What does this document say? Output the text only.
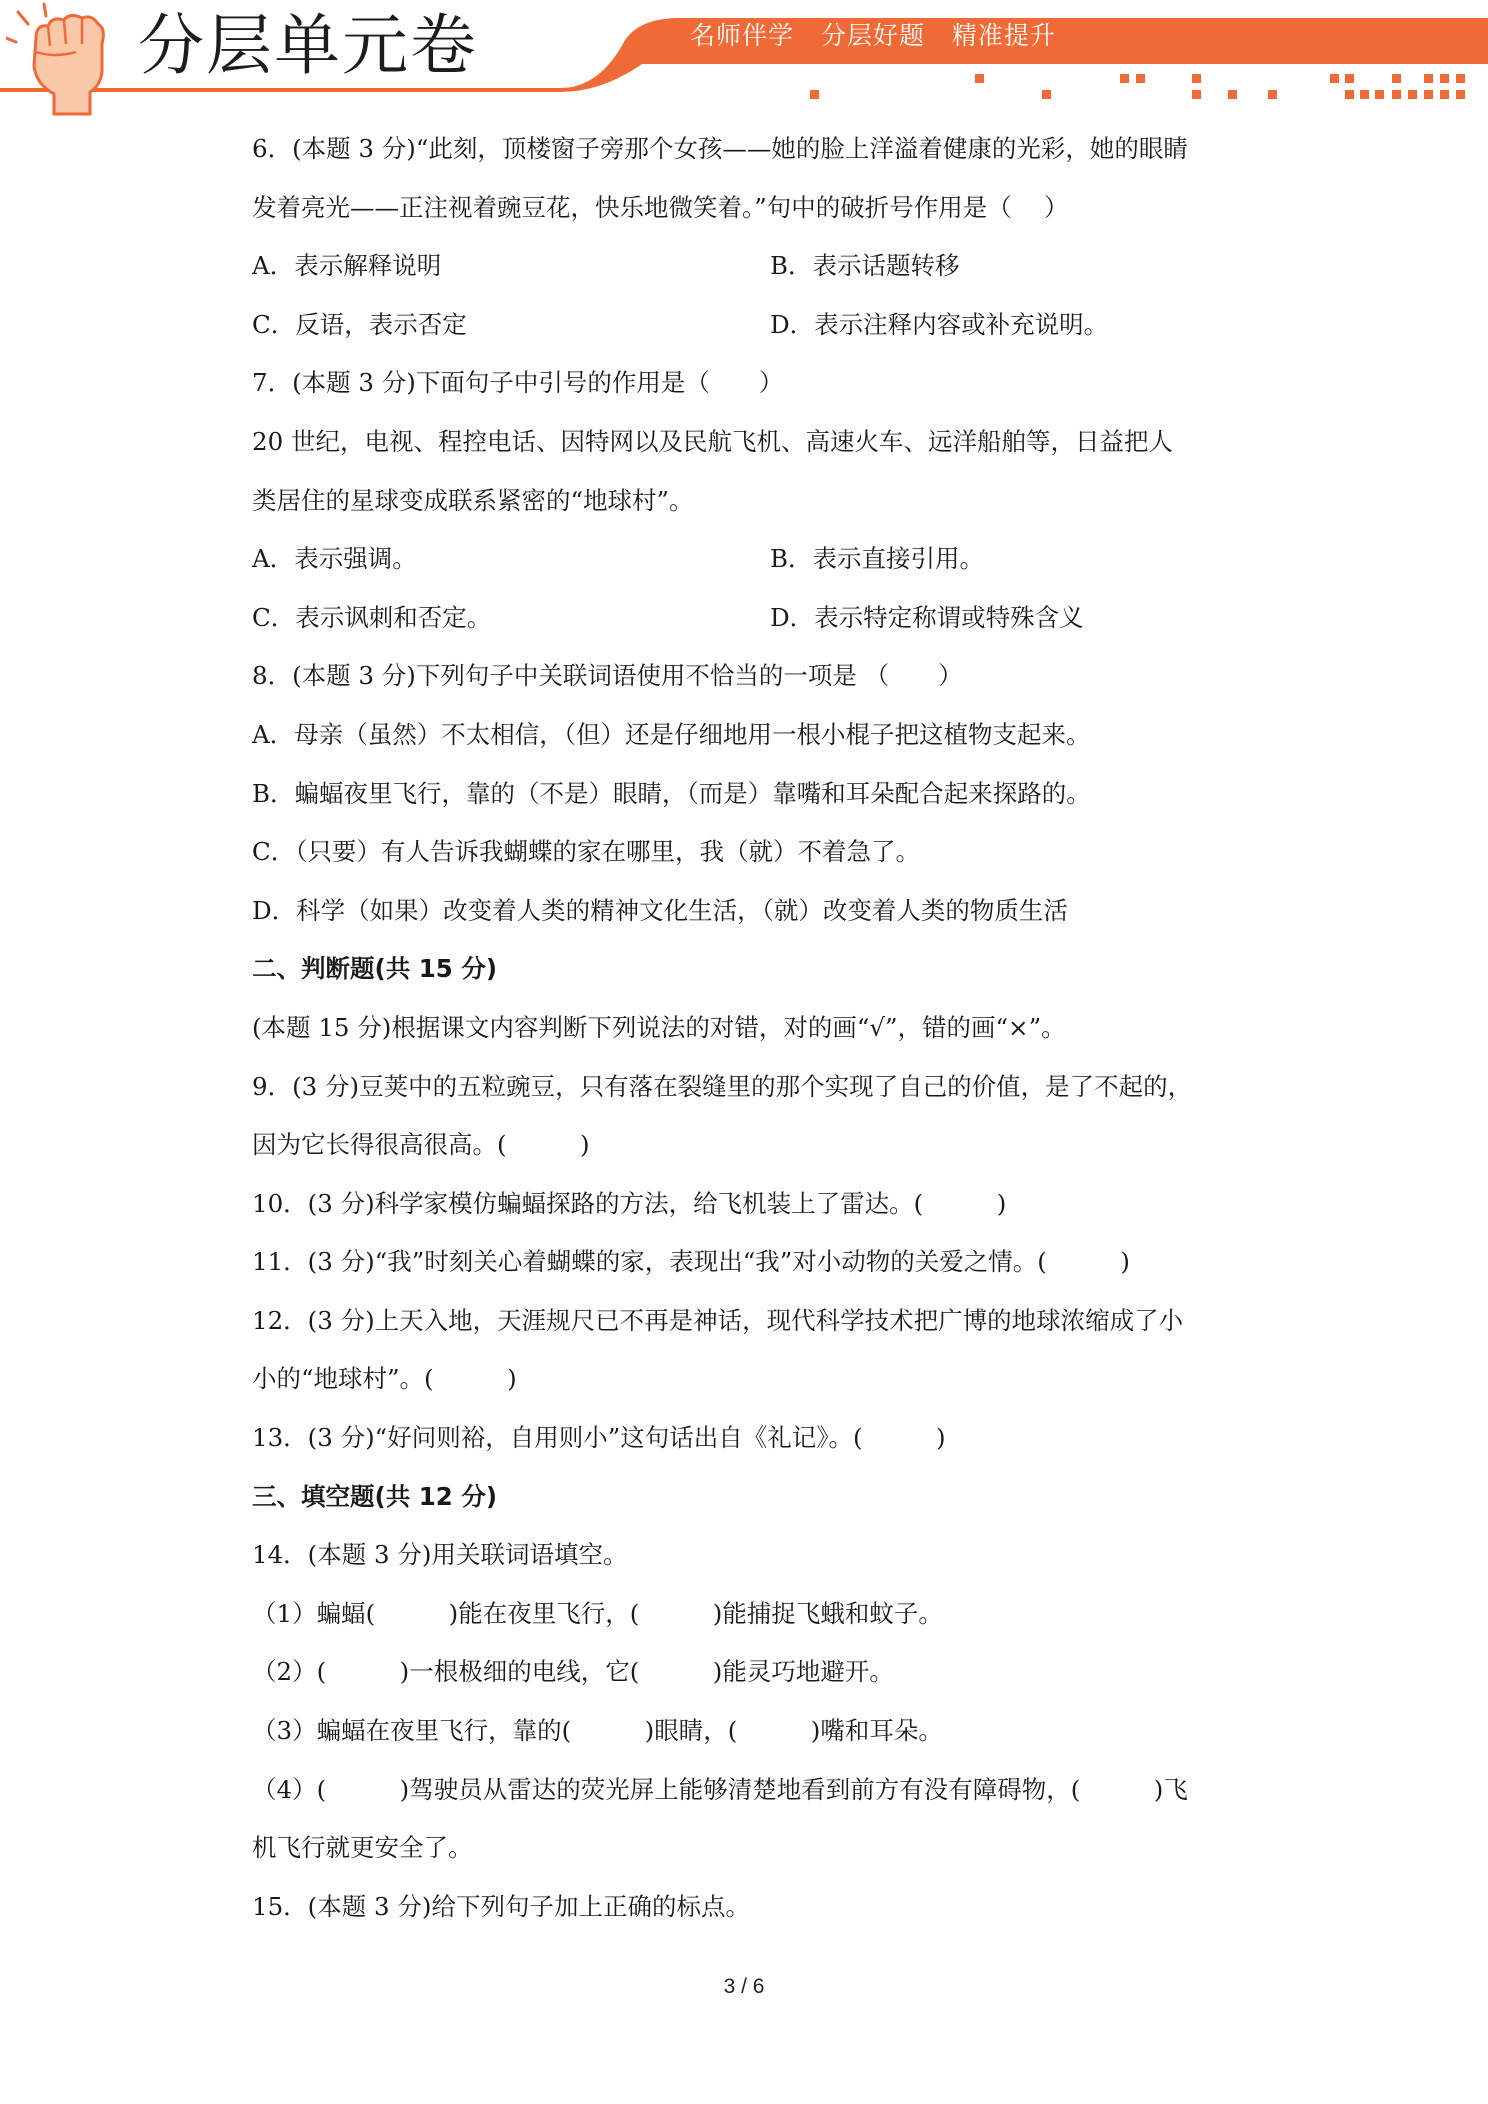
分层单元卷	名师伴学 分层好题 精准提升
6．(本题 3 分)“此刻，顶楼窗子旁那个女孩——她的脸上洋溢着健康的光彩，她的眼睛
发着亮光——正注视着豌豆花，快乐地微笑着。”句中的破折号作用是（　 ）
A．表示解释说明	B．表示话题转移
C．反语，表示否定	D．表示注释内容或补充说明。
7．(本题 3 分)下面句子中引号的作用是（　　）
20 世纪，电视、程控电话、因特网以及民航飞机、高速火车、远洋船舶等，日益把人
类居住的星球变成联系紧密的“地球村”。
A．表示强调。	B．表示直接引用。
C．表示讽刺和否定。	D．表示特定称谓或特殊含义
8．(本题 3 分)下列句子中关联词语使用不恰当的一项是 （　　）
A．母亲（虽然）不太相信，（但）还是仔细地用一根小棍子把这植物支起来。
B．蝙蝠夜里飞行，靠的（不是）眼睛，（而是）靠嘴和耳朵配合起来探路的。
C．（只要）有人告诉我蝴蝶的家在哪里，我（就）不着急了。
D．科学（如果）改变着人类的精神文化生活，（就）改变着人类的物质生活
二、判断题(共 15 分)
(本题 15 分)根据课文内容判断下列说法的对错，对的画“√”，错的画“×”。
9．(3 分)豆荚中的五粒豌豆，只有落在裂缝里的那个实现了自己的价值，是了不起的，
因为它长得很高很高。(　　　)
10．(3 分)科学家模仿蝙蝠探路的方法，给飞机装上了雷达。(　　　)
11．(3 分)“我”时刻关心着蝴蝶的家，表现出“我”对小动物的关爱之情。(　　　)
12．(3 分)上天入地，天涯规尺已不再是神话，现代科学技术把广博的地球浓缩成了小
小的“地球村”。(　　　)
13．(3 分)“好问则裕，自用则小”这句话出自《礼记》。(　　　)
三、填空题(共 12 分)
14．(本题 3 分)用关联词语填空。
（1）蝙蝠(　　　)能在夜里飞行，(　　　)能捕捉飞蛾和蚊子。
（2）(　　　)一根极细的电线，它(　　　)能灵巧地避开。
（3）蝙蝠在夜里飞行，靠的(　　　)眼睛，(　　　)嘴和耳朵。
（4）(　　　)驾驶员从雷达的荧光屏上能够清楚地看到前方有没有障碍物，(　　　)飞
机飞行就更安全了。
15．(本题 3 分)给下列句子加上正确的标点。
3 / 6
